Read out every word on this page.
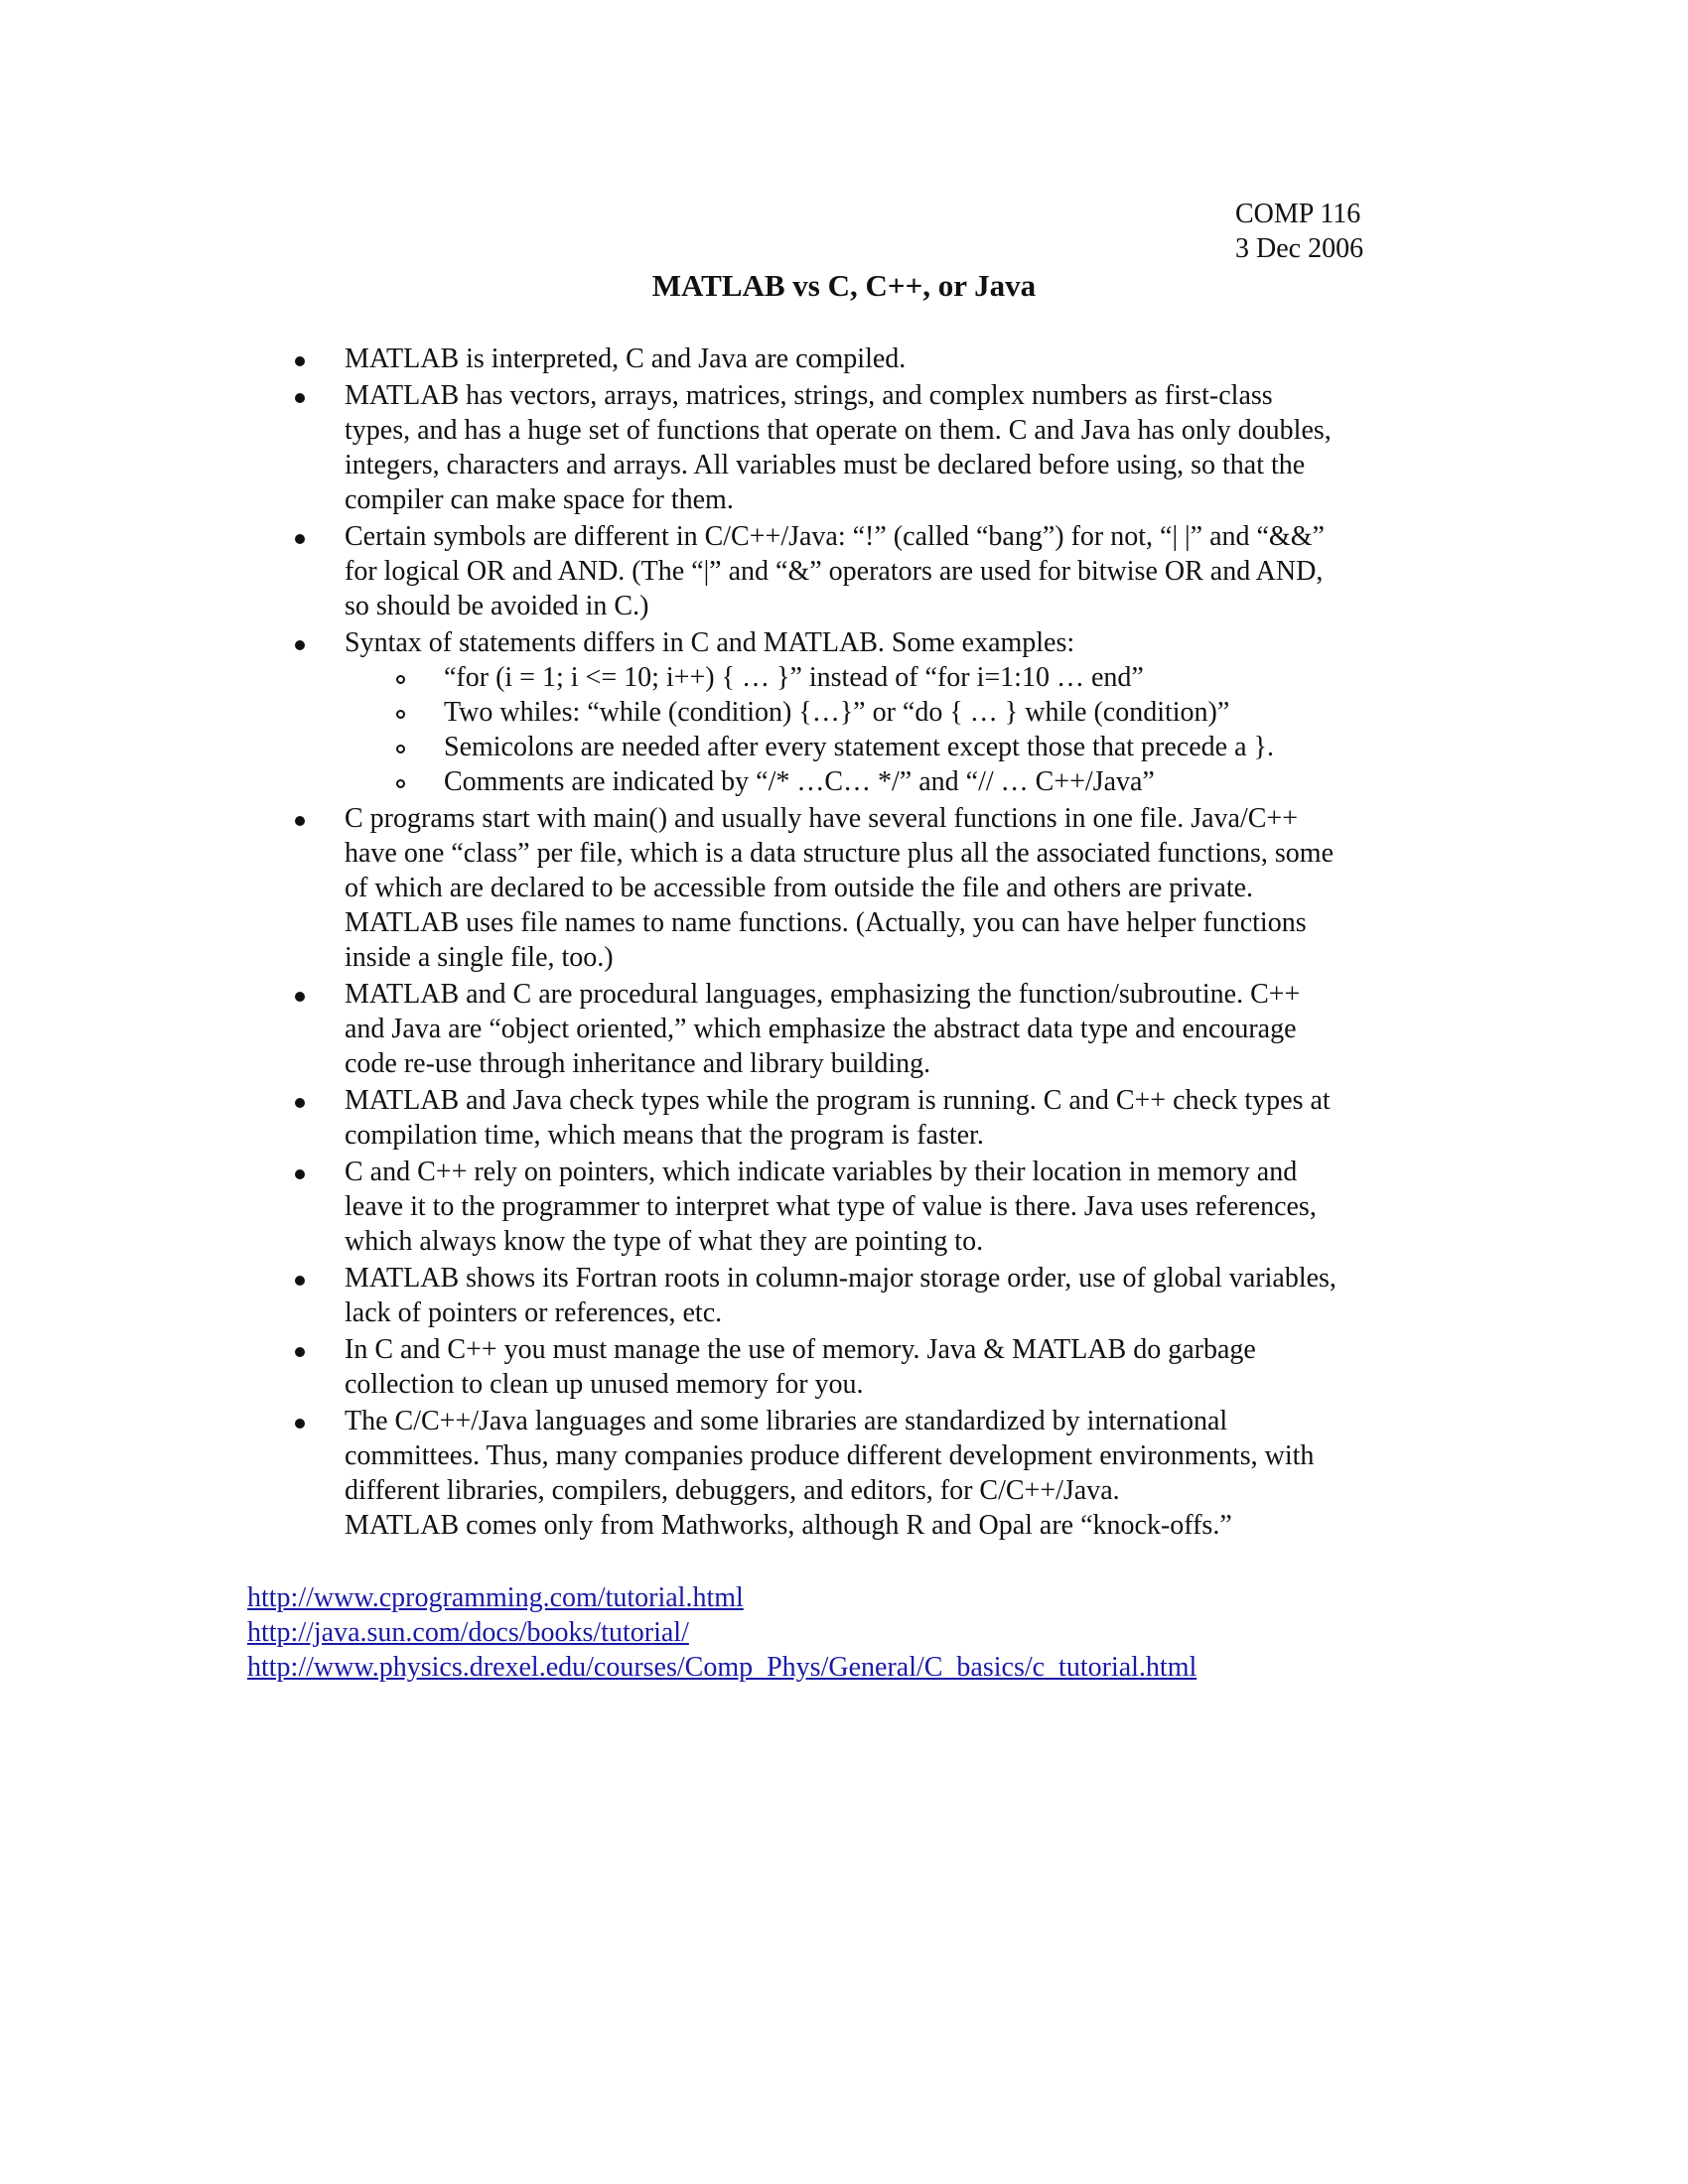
COMP 116
3 Dec 2006
MATLAB vs C, C++, or Java
MATLAB is interpreted, C and Java are compiled.
MATLAB has vectors, arrays, matrices, strings, and complex numbers as first-class
types, and has a huge set of functions that operate on them. C and Java has only doubles,
integers, characters and arrays. All variables must be declared before using, so that the
compiler can make space for them.
Certain symbols are different in C/C++/Java: “!” (called “bang”) for not, “| |” and “&&”
for logical OR and AND. (The “|” and “&” operators are used for bitwise OR and AND,
so should be avoided in C.)
Syntax of statements differs in C and MATLAB. Some examples:
“for (i = 1; i <= 10; i++) { … }” instead of “for i=1:10 … end”
Two whiles: “while (condition) {…}” or “do { … } while (condition)”
Semicolons are needed after every statement except those that precede a }.
Comments are indicated by “/* …C… */” and “// … C++/Java”
C programs start with main() and usually have several functions in one file. Java/C++
have one “class” per file, which is a data structure plus all the associated functions, some
of which are declared to be accessible from outside the file and others are private.
MATLAB uses file names to name functions. (Actually, you can have helper functions
inside a single file, too.)
MATLAB and C are procedural languages, emphasizing the function/subroutine. C++
and Java are “object oriented,” which emphasize the abstract data type and encourage
code re-use through inheritance and library building.
MATLAB and Java check types while the program is running. C and C++ check types at
compilation time, which means that the program is faster.
C and C++ rely on pointers, which indicate variables by their location in memory and
leave it to the programmer to interpret what type of value is there. Java uses references,
which always know the type of what they are pointing to.
MATLAB shows its Fortran roots in column-major storage order, use of global variables,
lack of pointers or references, etc.
In C and C++ you must manage the use of memory. Java & MATLAB do garbage
collection to clean up unused memory for you.
The C/C++/Java languages and some libraries are standardized by international
committees. Thus, many companies produce different development environments, with
different libraries, compilers, debuggers, and editors, for C/C++/Java.
MATLAB comes only from Mathworks, although R and Opal are “knock-offs.”
http://www.cprogramming.com/tutorial.html
http://java.sun.com/docs/books/tutorial/
http://www.physics.drexel.edu/courses/Comp_Phys/General/C_basics/c_tutorial.html
